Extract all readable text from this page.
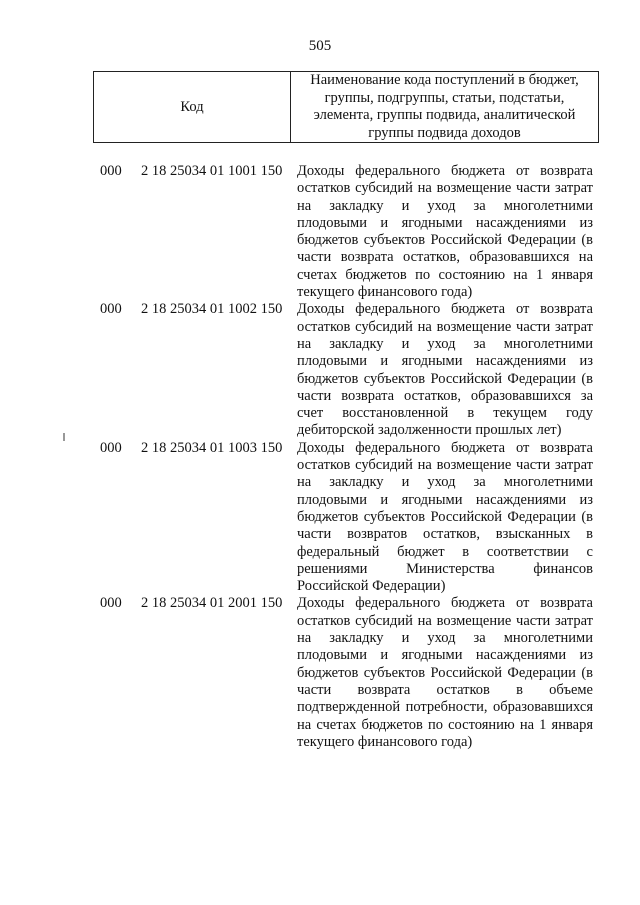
505
Код
Наименование кода поступлений в бюджет, группы, подгруппы, статьи, подстатьи, элемента, группы подвида, аналитической группы подвида доходов
000 2 18 25034 01 1001 150 Доходы федерального бюджета от возврата остатков субсидий на возмещение части затрат на закладку и уход за многолетними плодовыми и ягодными насаждениями из бюджетов субъектов Российской Федерации (в части возврата остатков, образовавшихся на счетах бюджетов по состоянию на 1 января текущего финансового года)
000 2 18 25034 01 1002 150 Доходы федерального бюджета от возврата остатков субсидий на возмещение части затрат на закладку и уход за многолетними плодовыми и ягодными насаждениями из бюджетов субъектов Российской Федерации (в части возврата остатков, образовавшихся за счет восстановленной в текущем году дебиторской задолженности прошлых лет)
000 2 18 25034 01 1003 150 Доходы федерального бюджета от возврата остатков субсидий на возмещение части затрат на закладку и уход за многолетними плодовыми и ягодными насаждениями из бюджетов субъектов Российской Федерации (в части возвратов остатков, взысканных в федеральный бюджет в соответствии с решениями Министерства финансов Российской Федерации)
000 2 18 25034 01 2001 150 Доходы федерального бюджета от возврата остатков субсидий на возмещение части затрат на закладку и уход за многолетними плодовыми и ягодными насаждениями из бюджетов субъектов Российской Федерации (в части возврата остатков в объеме подтвержденной потребности, образовавшихся на счетах бюджетов по состоянию на 1 января текущего финансового года)
